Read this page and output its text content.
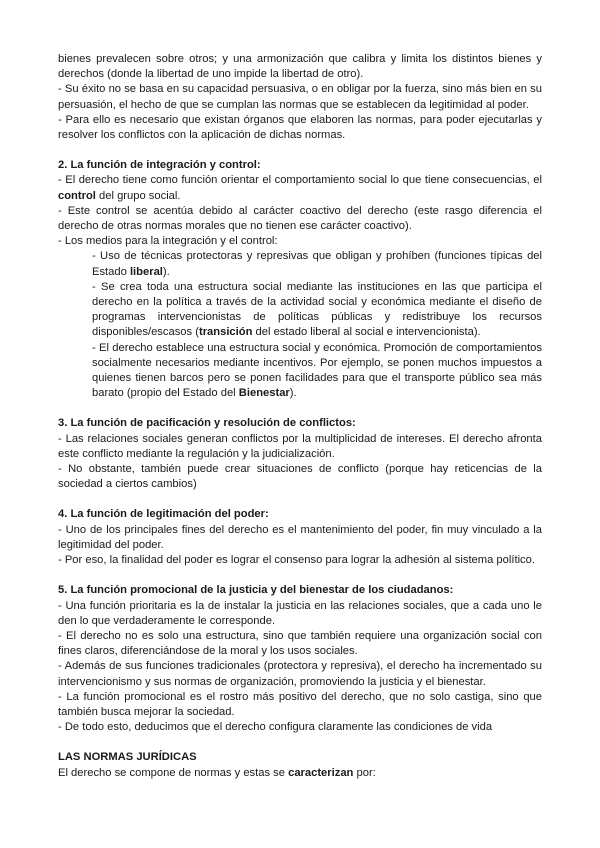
bienes prevalecen sobre otros; y una armonización que calibra y limita los distintos bienes y derechos (donde la libertad de uno impide la libertad de otro).

- Su éxito no se basa en su capacidad persuasiva, o en obligar por la fuerza, sino más bien en su persuasión, el hecho de que se cumplan las normas que se establecen da legitimidad al poder.

- Para ello es necesario que existan órganos que elaboren las normas, para poder ejecutarlas y resolver los conflictos con la aplicación de dichas normas.

2. La función de integración y control:

- El derecho tiene como función orientar el comportamiento social lo que tiene consecuencias, el control del grupo social.

- Este control se acentúa debido al carácter coactivo del derecho (este rasgo diferencia el derecho de otras normas morales que no tienen ese carácter coactivo).

- Los medios para la integración y el control:

- Uso de técnicas protectoras y represivas que obligan y prohíben (funciones típicas del Estado liberal).

- Se crea toda una estructura social mediante las instituciones en las que participa el derecho en la política a través de la actividad social y económica mediante el diseño de programas intervencionistas de políticas públicas y redistribuye los recursos disponibles/escasos (transición del estado liberal al social e intervencionista).

- El derecho establece una estructura social y económica. Promoción de comportamientos socialmente necesarios mediante incentivos. Por ejemplo, se ponen muchos impuestos a quienes tienen barcos pero se ponen facilidades para que el transporte público sea más barato (propio del Estado del Bienestar).

3. La función de pacificación y resolución de conflictos:

- Las relaciones sociales generan conflictos por la multiplicidad de intereses. El derecho afronta este conflicto mediante la regulación y la judicialización.

- No obstante, también puede crear situaciones de conflicto (porque hay reticencias de la sociedad a ciertos cambios)

4. La función de legitimación del poder:

- Uno de los principales fines del derecho es el mantenimiento del poder, fin muy vinculado a la legitimidad del poder.

- Por eso, la finalidad del poder es lograr el consenso para lograr la adhesión al sistema político.

5. La función promocional de la justicia y del bienestar de los ciudadanos:

- Una función prioritaria es la de instalar la justicia en las relaciones sociales, que a cada uno le den lo que verdaderamente le corresponde.

- El derecho no es solo una estructura, sino que también requiere una organización social con fines claros, diferenciándose de la moral y los usos sociales.

- Además de sus funciones tradicionales (protectora y represiva), el derecho ha incrementado su intervencionismo y sus normas de organización, promoviendo la justicia y el bienestar.

- La función promocional es el rostro más positivo del derecho, que no solo castiga, sino que también busca mejorar la sociedad.

- De todo esto, deducimos que el derecho configura claramente las condiciones de vida

LAS NORMAS JURÍDICAS

El derecho se compone de normas y estas se caracterizan por:
